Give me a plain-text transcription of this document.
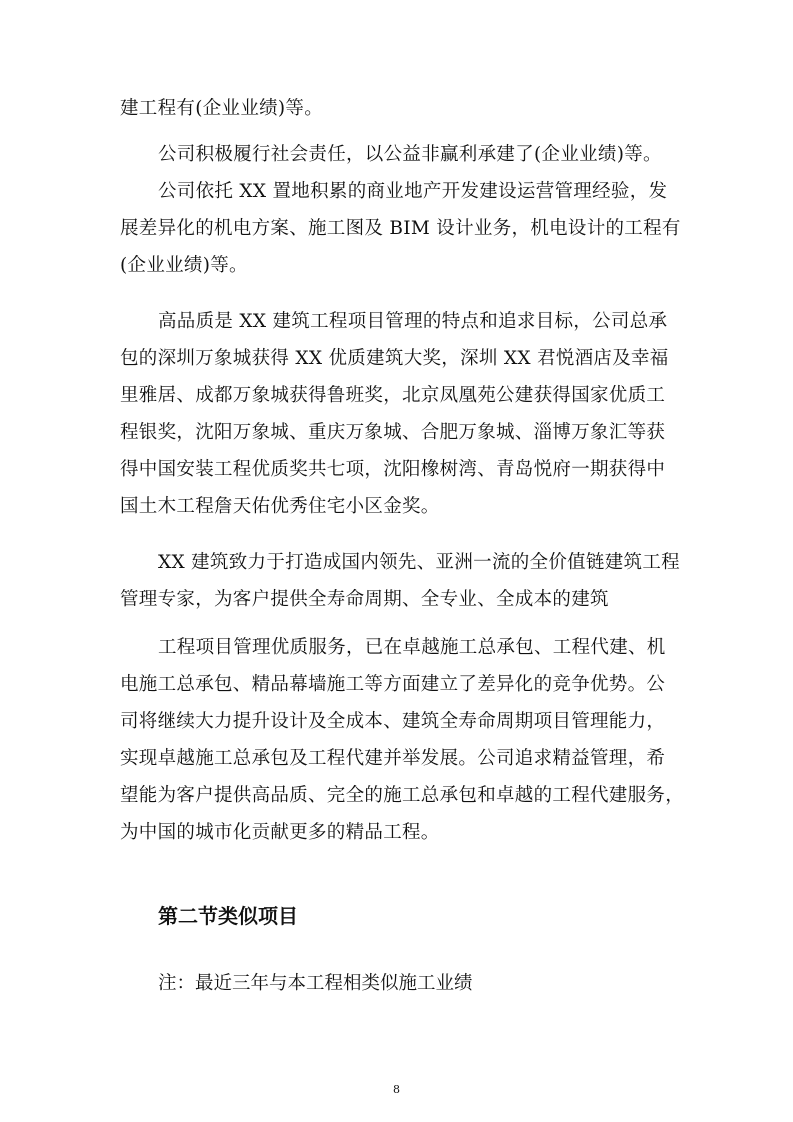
建工程有(企业业绩)等。
公司积极履行社会责任，以公益非赢利承建了(企业业绩)等。
公司依托 XX 置地积累的商业地产开发建设运营管理经验，发
展差异化的机电方案、施工图及 BIM 设计业务，机电设计的工程有
(企业业绩)等。
高品质是 XX 建筑工程项目管理的特点和追求目标，公司总承
包的深圳万象城获得 XX 优质建筑大奖，深圳 XX 君悦酒店及幸福
里雅居、成都万象城获得鲁班奖，北京凤凰苑公建获得国家优质工
程银奖，沈阳万象城、重庆万象城、合肥万象城、淄博万象汇等获
得中国安装工程优质奖共七项，沈阳橡树湾、青岛悦府一期获得中
国土木工程詹天佑优秀住宅小区金奖。
XX 建筑致力于打造成国内领先、亚洲一流的全价值链建筑工程
管理专家，为客户提供全寿命周期、全专业、全成本的建筑
工程项目管理优质服务，已在卓越施工总承包、工程代建、机
电施工总承包、精品幕墙施工等方面建立了差异化的竞争优势。公
司将继续大力提升设计及全成本、建筑全寿命周期项目管理能力，
实现卓越施工总承包及工程代建并举发展。公司追求精益管理，希
望能为客户提供高品质、完全的施工总承包和卓越的工程代建服务，
为中国的城市化贡献更多的精品工程。
第二节类似项目
注：最近三年与本工程相类似施工业绩
8
